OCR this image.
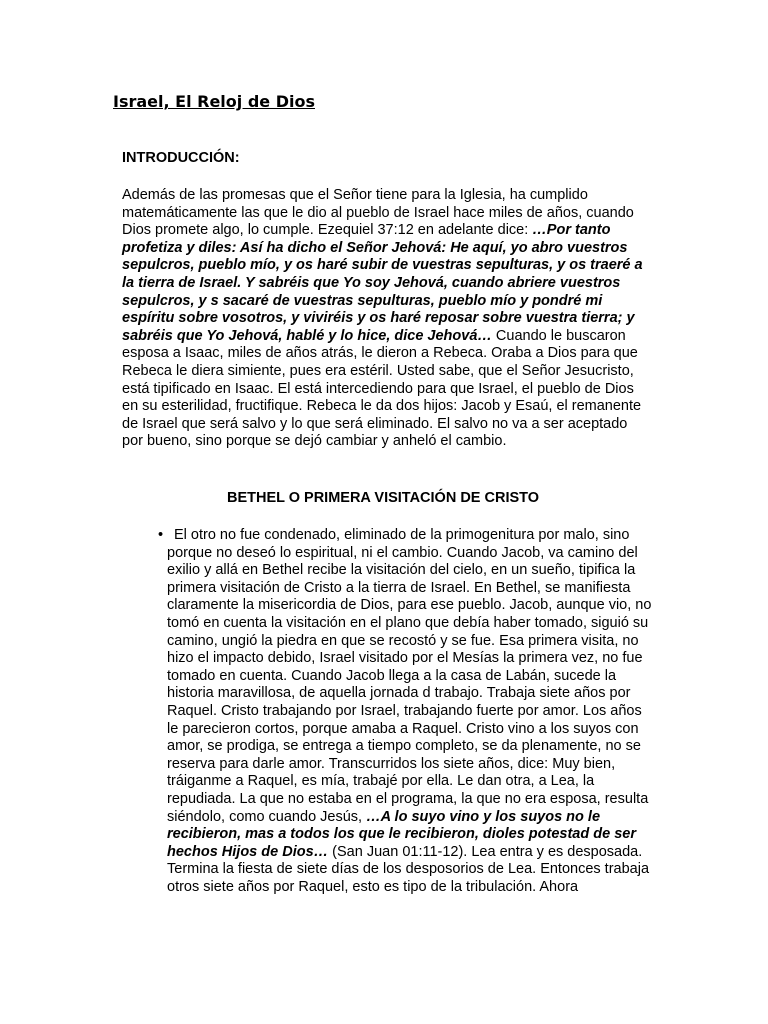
Israel, El Reloj de Dios
INTRODUCCIÓN:

Además de las promesas que el Señor tiene para la Iglesia, ha cumplido matemáticamente las que le dio al pueblo de Israel hace miles de años, cuando Dios promete algo, lo cumple. Ezequiel 37:12 en adelante dice: …Por tanto profetiza y diles: Así ha dicho el Señor Jehová: He aquí, yo abro vuestros sepulcros, pueblo mío, y os haré subir de vuestras sepulturas, y os traeré a la tierra de Israel. Y sabréis que Yo soy Jehová, cuando abriere vuestros sepulcros, y s sacaré de vuestras sepulturas, pueblo mío y pondré mi espíritu sobre vosotros, y viviréis y os haré reposar sobre vuestra tierra; y sabréis que Yo Jehová, hablé y lo hice, dice Jehová… Cuando le buscaron esposa a Isaac, miles de años atrás, le dieron a Rebeca. Oraba a Dios para que Rebeca le diera simiente, pues era estéril. Usted sabe, que el Señor Jesucristo, está tipificado en Isaac. El está intercediendo para que Israel, el pueblo de Dios en su esterilidad, fructifique. Rebeca le da dos hijos: Jacob y Esaú, el remanente de Israel que será salvo y lo que será eliminado. El salvo no va a ser aceptado por bueno, sino porque se dejó cambiar y anheló el cambio.

BETHEL O PRIMERA VISITACIÓN DE CRISTO
• El otro no fue condenado, eliminado de la primogenitura por malo, sino porque no deseó lo espiritual, ni el cambio. Cuando Jacob, va camino del exilio y allá en Bethel recibe la visitación del cielo, en un sueño, tipifica la primera visitación de Cristo a la tierra de Israel. En Bethel, se manifiesta claramente la misericordia de Dios, para ese pueblo. Jacob, aunque vio, no tomó en cuenta la visitación en el plano que debía haber tomado, siguió su camino, ungió la piedra en que se recostó y se fue. Esa primera visita, no hizo el impacto debido, Israel visitado por el Mesías la primera vez, no fue tomado en cuenta. Cuando Jacob llega a la casa de Labán, sucede la historia maravillosa, de aquella jornada d trabajo. Trabaja siete años por Raquel. Cristo trabajando por Israel, trabajando fuerte por amor. Los años le parecieron cortos, porque amaba a Raquel. Cristo vino a los suyos con amor, se prodiga, se entrega a tiempo completo, se da plenamente, no se reserva para darle amor. Transcurridos los siete años, dice: Muy bien, tráiganme a Raquel, es mía, trabajé por ella. Le dan otra, a Lea, la repudiada. La que no estaba en el programa, la que no era esposa, resulta siéndolo, como cuando Jesús, …A lo suyo vino y los suyos no le recibieron, mas a todos los que le recibieron, dioles potestad de ser hechos Hijos de Dios… (San Juan 01:11-12). Lea entra y es desposada. Termina la fiesta de siete días de los desposorios de Lea. Entonces trabaja otros siete años por Raquel, esto es tipo de la tribulación. Ahora
